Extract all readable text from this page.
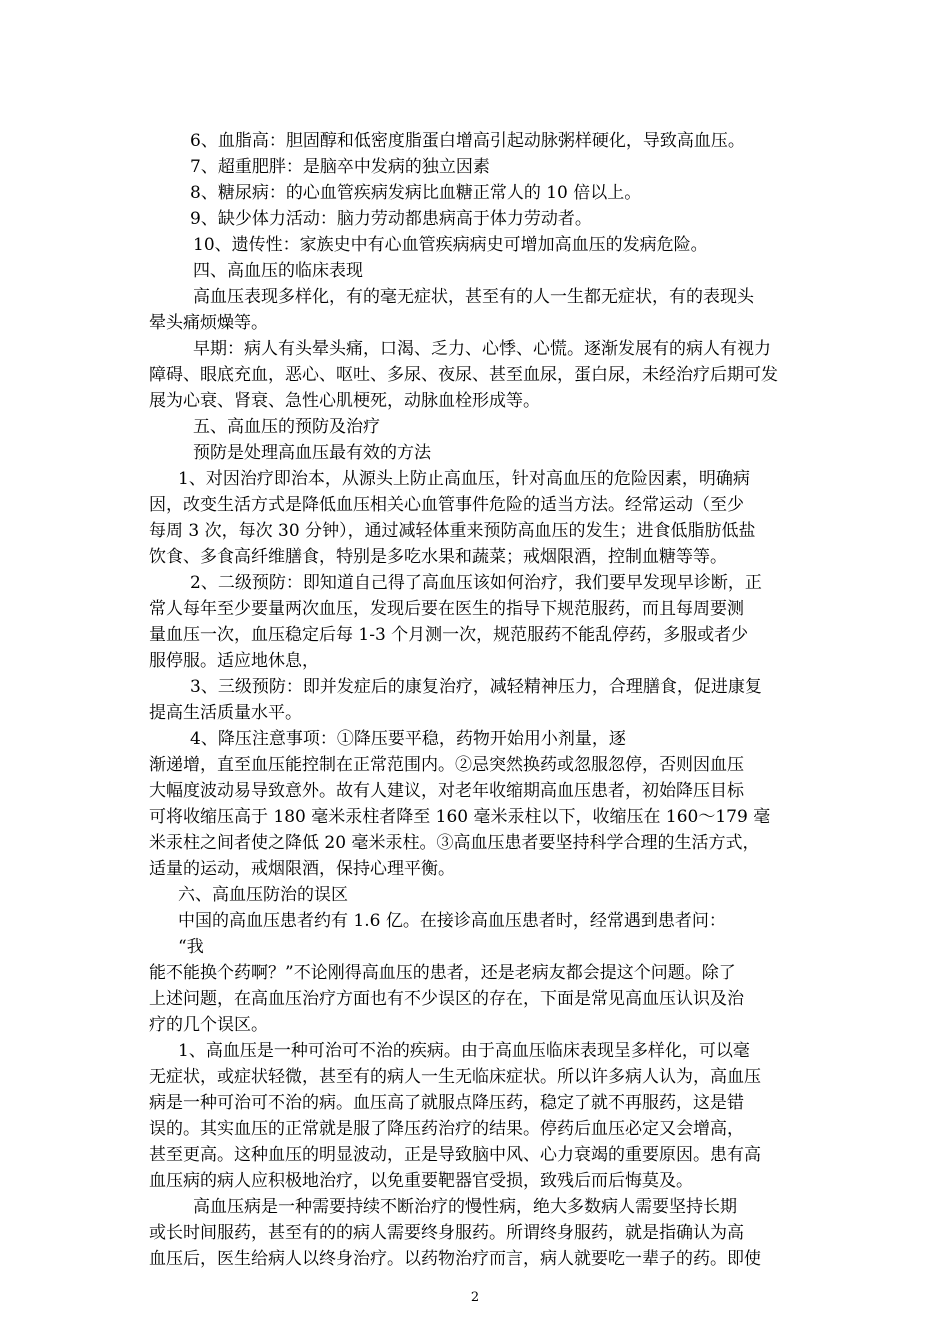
6、血脂高：胆固醇和低密度脂蛋白增高引起动脉粥样硬化，导致高血压。
7、超重肥胖：是脑卒中发病的独立因素
8、糖尿病：的心血管疾病发病比血糖正常人的 10 倍以上。
9、缺少体力活动：脑力劳动都患病高于体力劳动者。
10、遗传性：家族史中有心血管疾病病史可增加高血压的发病危险。
四、高血压的临床表现
高血压表现多样化，有的毫无症状，甚至有的人一生都无症状，有的表现头
晕头痛烦燥等。
早期：病人有头晕头痛，口渴、乏力、心悸、心慌。逐渐发展有的病人有视力
障碍、眼底充血，恶心、呕吐、多尿、夜尿、甚至血尿，蛋白尿，未经治疗后期可发
展为心衰、肾衰、急性心肌梗死，动脉血栓形成等。
五、高血压的预防及治疗
预防是处理高血压最有效的方法
1、对因治疗即治本，从源头上防止高血压，针对高血压的危险因素，明确病
因，改变生活方式是降低血压相关心血管事件危险的适当方法。经常运动（至少
每周 3 次，每次 30 分钟），通过减轻体重来预防高血压的发生；进食低脂肪低盐
饮食、多食高纤维膳食，特别是多吃水果和蔬菜；戒烟限酒，控制血糖等等。
2、二级预防：即知道自己得了高血压该如何治疗，我们要早发现早诊断，正
常人每年至少要量两次血压，发现后要在医生的指导下规范服药，而且每周要测
量血压一次，血压稳定后每 1-3 个月测一次，规范服药不能乱停药，多服或者少
服停服。适应地休息，
3、三级预防：即并发症后的康复治疗，减轻精神压力，合理膳食，促进康复
提高生活质量水平。
4、降压注意事项：①降压要平稳，药物开始用小剂量，逐
渐递增，直至血压能控制在正常范围内。②忌突然换药或忽服忽停，否则因血压
大幅度波动易导致意外。故有人建议，对老年收缩期高血压患者，初始降压目标
可将收缩压高于 180 毫米汞柱者降至 160 毫米汞柱以下，收缩压在 160～179 毫
米汞柱之间者使之降低 20 毫米汞柱。③高血压患者要坚持科学合理的生活方式，
适量的运动，戒烟限酒，保持心理平衡。
六、高血压防治的误区
中国的高血压患者约有 1.6 亿。在接诊高血压患者时，经常遇到患者问：
“我
能不能换个药啊？”不论刚得高血压的患者，还是老病友都会提这个问题。除了
上述问题，在高血压治疗方面也有不少误区的存在，下面是常见高血压认识及治
疗的几个误区。
1、高血压是一种可治可不治的疾病。由于高血压临床表现呈多样化，可以毫
无症状，或症状轻微，甚至有的病人一生无临床症状。所以许多病人认为，高血压
病是一种可治可不治的病。血压高了就服点降压药，稳定了就不再服药，这是错
误的。其实血压的正常就是服了降压药治疗的结果。停药后血压必定又会增高，
甚至更高。这种血压的明显波动，正是导致脑中风、心力衰竭的重要原因。患有高
血压病的病人应积极地治疗，以免重要靶器官受损，致残后而后悔莫及。
高血压病是一种需要持续不断治疗的慢性病，绝大多数病人需要坚持长期
或长时间服药，甚至有的的病人需要终身服药。所谓终身服药，就是指确认为高
血压后，医生给病人以终身治疗。以药物治疗而言，病人就要吃一辈子的药。即使
2
